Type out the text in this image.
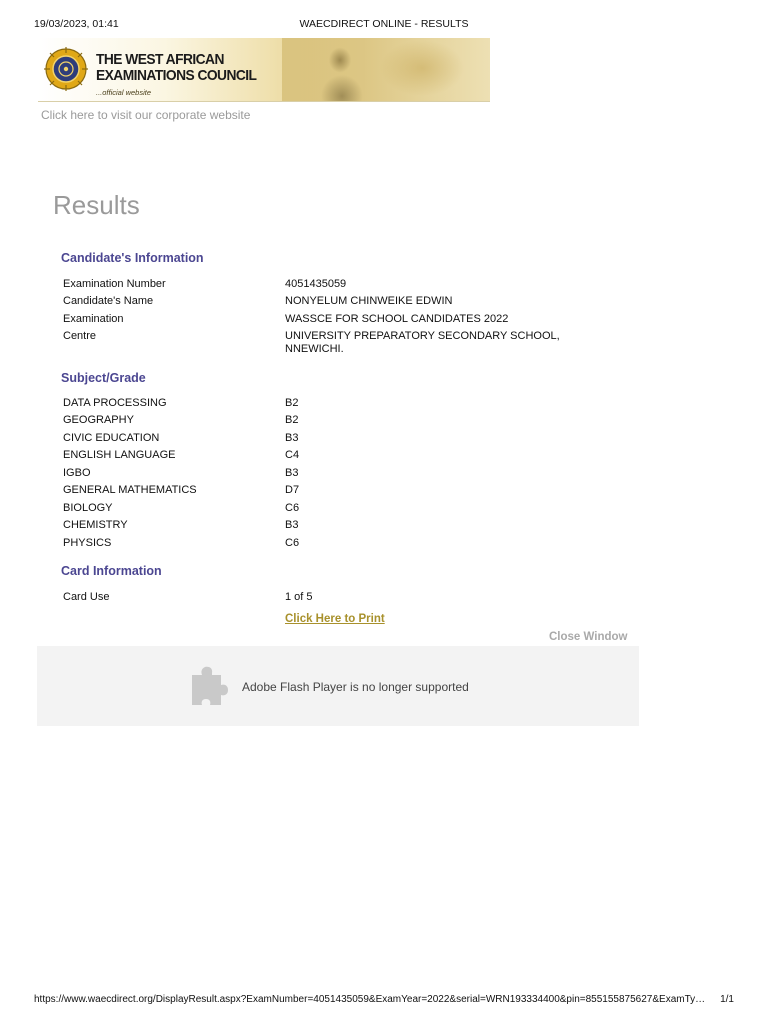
19/03/2023, 01:41	WAECDIRECT ONLINE - RESULTS
THE WEST AFRICAN
EXAMINATIONS COUNCIL
...official website
Click here to visit our corporate website
Results
Candidate's Information
Examination Number	4051435059
Candidate's Name	NONYELUM CHINWEIKE EDWIN
Examination	WASSCE FOR SCHOOL CANDIDATES 2022
Centre	UNIVERSITY PREPARATORY SECONDARY SCHOOL,
NNEWICHI.
Subject/Grade
DATA PROCESSING	B2
GEOGRAPHY	B2
CIVIC EDUCATION	B3
ENGLISH LANGUAGE	C4
IGBO	B3
GENERAL MATHEMATICS	D7
BIOLOGY	C6
CHEMISTRY	B3
PHYSICS	C6
Card Information
Card Use	1 of 5
Click Here to Print
Close Window
Adobe Flash Player is no longer supported
https://www.waecdirect.org/DisplayResult.aspx?ExamNumber=4051435059&ExamYear=2022&serial=WRN193334400&pin=855155875627&ExamTy…	1/1
